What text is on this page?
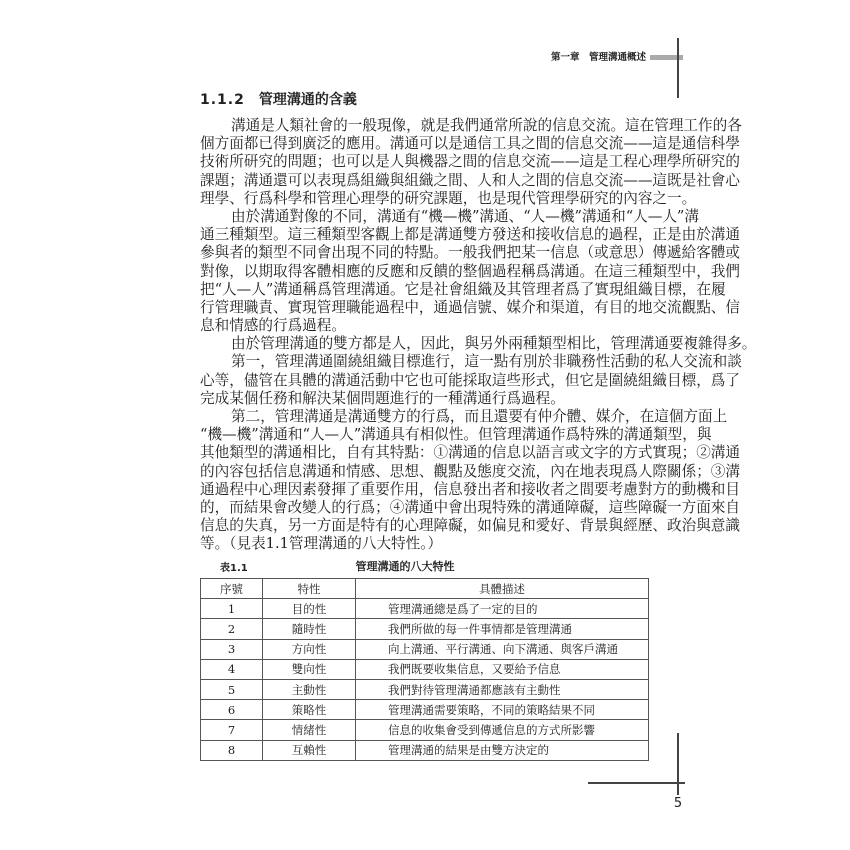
第一章　管理溝通概述
1.1.2 管理溝通的含義
溝通是人類社會的一般現像，就是我們通常所說的信息交流。這在管理工作的各
個方面都已得到廣泛的應用。溝通可以是通信工具之間的信息交流——這是通信科學
技術所研究的問題；也可以是人與機器之間的信息交流——這是工程心理學所研究的
課題；溝通還可以表現爲組織與組織之間、人和人之間的信息交流——這既是社會心
理學、行爲科學和管理心理學的研究課題，也是現代管理學研究的內容之一。
由於溝通對像的不同，溝通有“機—機”溝通、“人—機”溝通和“人—人”溝
通三種類型。這三種類型客觀上都是溝通雙方發送和接收信息的過程，正是由於溝通
參與者的類型不同會出現不同的特點。一般我們把某一信息（或意思）傳遞給客體或
對像，以期取得客體相應的反應和反饋的整個過程稱爲溝通。在這三種類型中，我們
把“人—人”溝通稱爲管理溝通。它是社會組織及其管理者爲了實現組織目標，在履
行管理職責、實現管理職能過程中，通過信號、媒介和渠道，有目的地交流觀點、信
息和情感的行爲過程。
由於管理溝通的雙方都是人，因此，與另外兩種類型相比，管理溝通要複雜得多。
第一，管理溝通圍繞組織目標進行，這一點有別於非職務性活動的私人交流和談
心等，儘管在具體的溝通活動中它也可能採取這些形式，但它是圍繞組織目標，爲了
完成某個任務和解決某個問題進行的一種溝通行爲過程。
第二，管理溝通是溝通雙方的行爲，而且還要有仲介體、媒介，在這個方面上
“機—機”溝通和“人—人”溝通具有相似性。但管理溝通作爲特殊的溝通類型，與
其他類型的溝通相比，自有其特點：①溝通的信息以語言或文字的方式實現；②溝通
的內容包括信息溝通和情感、思想、觀點及態度交流，內在地表現爲人際關係；③溝
通過程中心理因素發揮了重要作用，信息發出者和接收者之間要考慮對方的動機和目
的，而結果會改變人的行爲；④溝通中會出現特殊的溝通障礙，這些障礙一方面來自
信息的失真，另一方面是特有的心理障礙，如偏見和愛好、背景與經歷、政治與意識
等。（見表1.1管理溝通的八大特性。）
表1.1	管理溝通的八大特性
序號	特性	具體描述
1	目的性	管理溝通總是爲了一定的目的
2	隨時性	我們所做的每一件事情都是管理溝通
3	方向性	向上溝通、平行溝通、向下溝通、與客戶溝通
4	雙向性	我們既要收集信息，又要給予信息
5	主動性	我們對待管理溝通都應該有主動性
6	策略性	管理溝通需要策略，不同的策略結果不同
7	情緒性	信息的收集會受到傳遞信息的方式所影響
8	互賴性	管理溝通的結果是由雙方決定的
5
